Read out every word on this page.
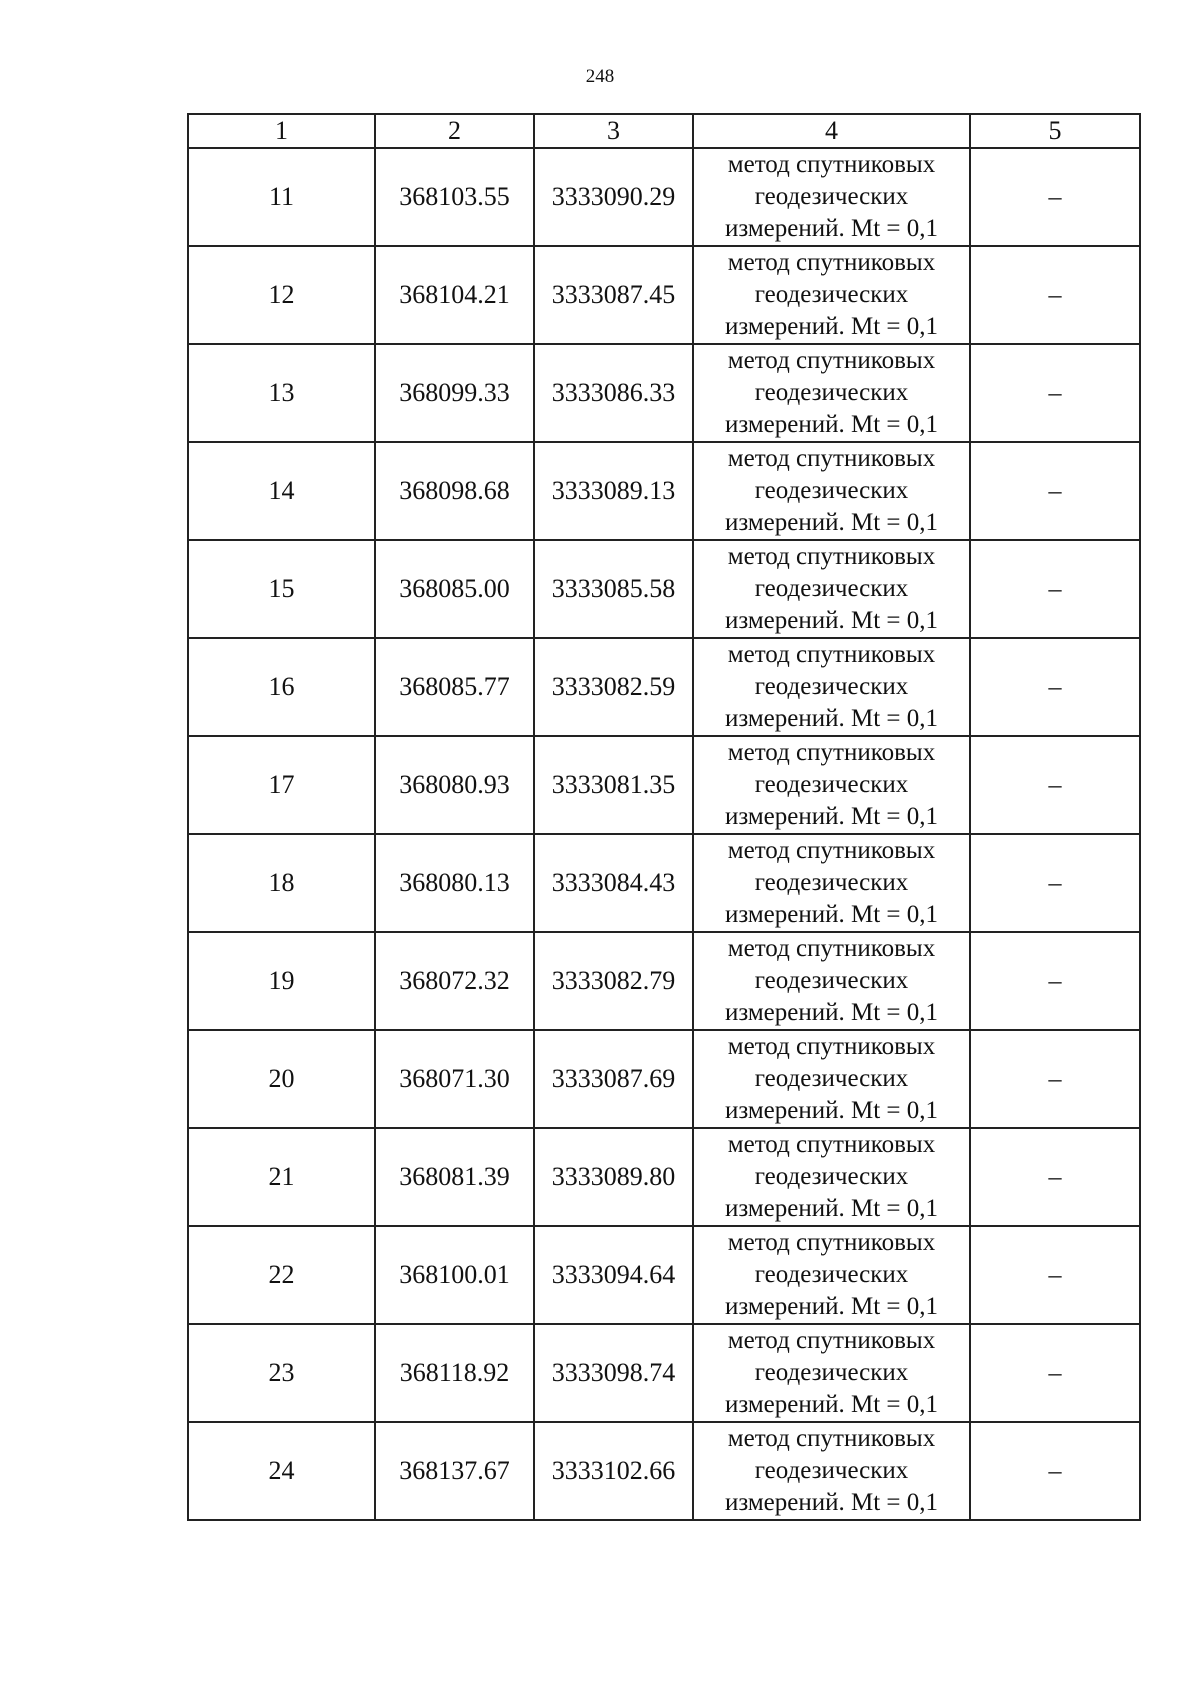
248
1	2	3	4	5
11	368103.55	3333090.29	метод спутниковых
геодезических
измерений. Mt = 0,1	–
12	368104.21	3333087.45	метод спутниковых
геодезических
измерений. Mt = 0,1	–
13	368099.33	3333086.33	метод спутниковых
геодезических
измерений. Mt = 0,1	–
14	368098.68	3333089.13	метод спутниковых
геодезических
измерений. Mt = 0,1	–
15	368085.00	3333085.58	метод спутниковых
геодезических
измерений. Mt = 0,1	–
16	368085.77	3333082.59	метод спутниковых
геодезических
измерений. Mt = 0,1	–
17	368080.93	3333081.35	метод спутниковых
геодезических
измерений. Mt = 0,1	–
18	368080.13	3333084.43	метод спутниковых
геодезических
измерений. Mt = 0,1	–
19	368072.32	3333082.79	метод спутниковых
геодезических
измерений. Mt = 0,1	–
20	368071.30	3333087.69	метод спутниковых
геодезических
измерений. Mt = 0,1	–
21	368081.39	3333089.80	метод спутниковых
геодезических
измерений. Mt = 0,1	–
22	368100.01	3333094.64	метод спутниковых
геодезических
измерений. Mt = 0,1	–
23	368118.92	3333098.74	метод спутниковых
геодезических
измерений. Mt = 0,1	–
24	368137.67	3333102.66	метод спутниковых
геодезических
измерений. Mt = 0,1	–
